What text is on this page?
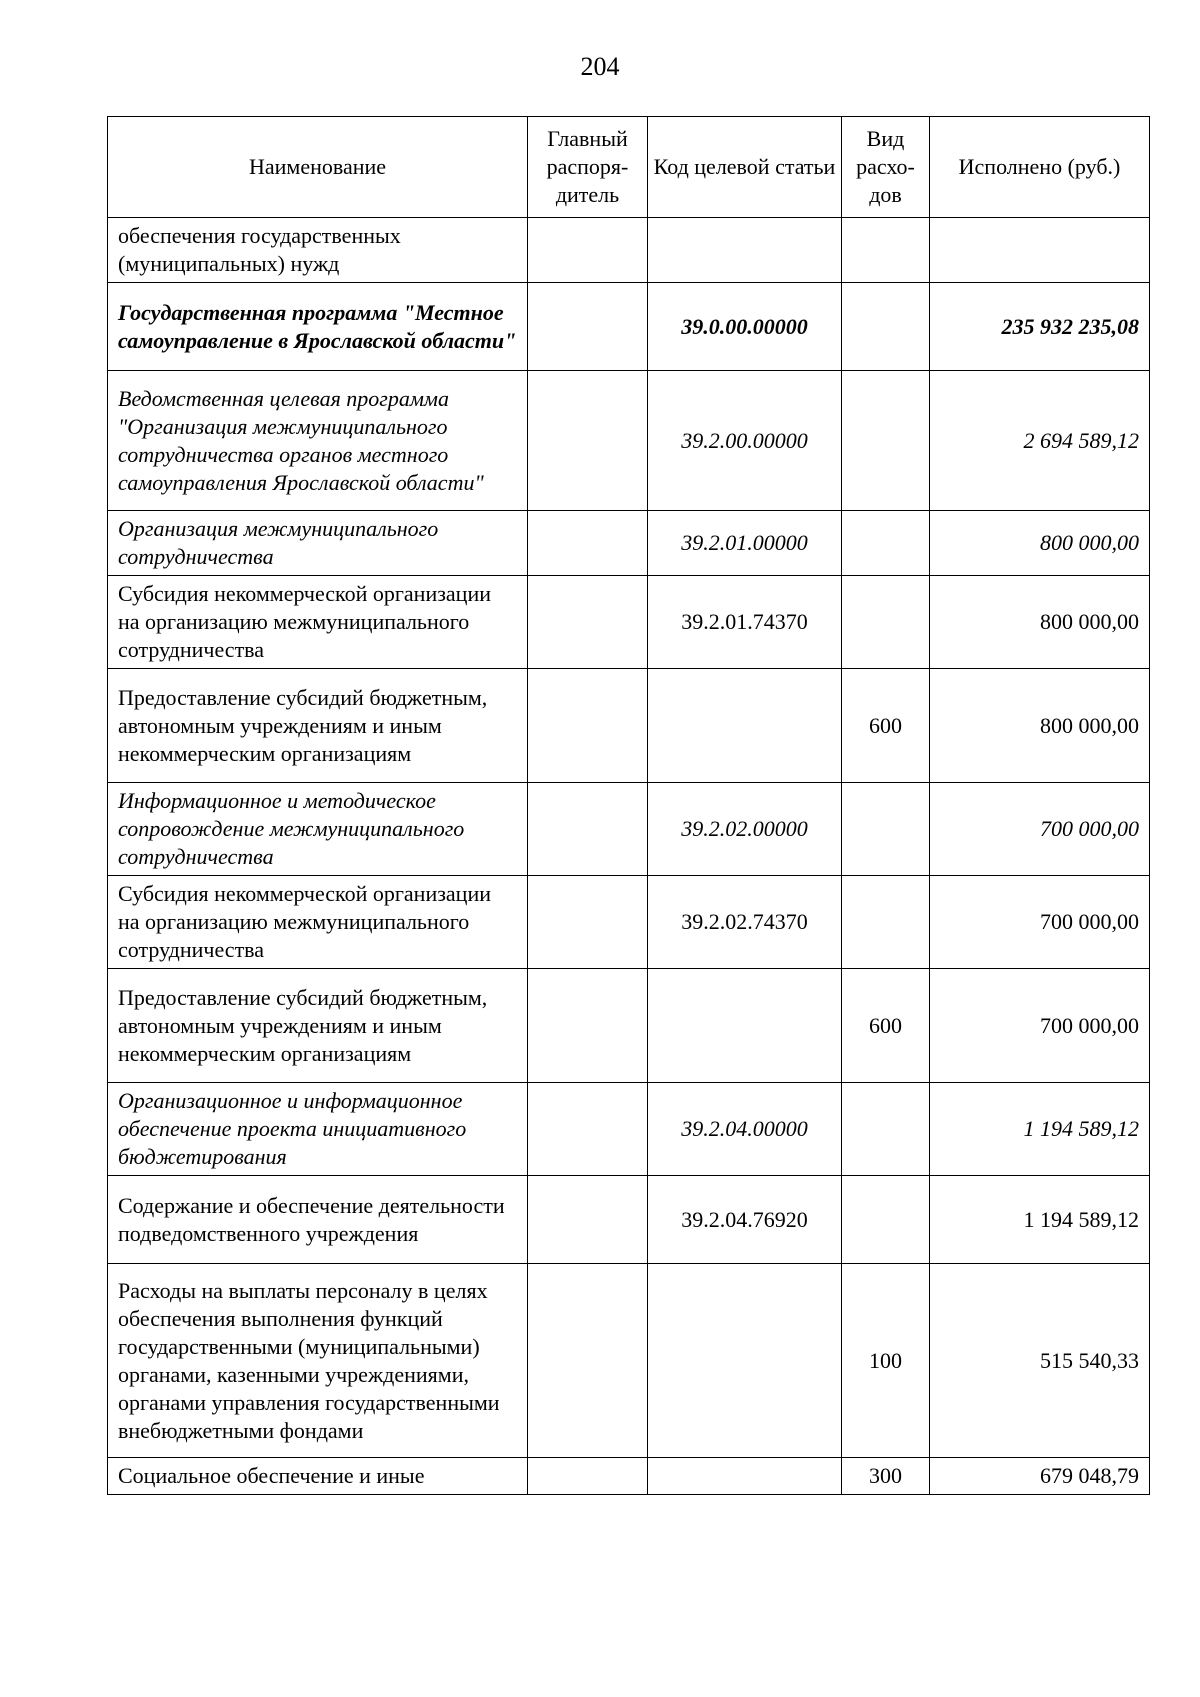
204
Наименование	Главный распоря-дитель	Код целевой статьи	Вид расхо-дов	Исполнено (руб.)
обеспечения государственных (муниципальных) нужд				
Государственная программа "Местное самоуправление в Ярославской области"		39.0.00.00000		235 932 235,08
Ведомственная целевая программа "Организация межмуниципального сотрудничества органов местного самоуправления Ярославской области"		39.2.00.00000		2 694 589,12
Организация межмуниципального сотрудничества		39.2.01.00000		800 000,00
Субсидия некоммерческой организации на организацию межмуниципального сотрудничества		39.2.01.74370		800 000,00
Предоставление субсидий бюджетным, автономным учреждениям и иным некоммерческим организациям			600	800 000,00
Информационное и методическое сопровождение межмуниципального сотрудничества		39.2.02.00000		700 000,00
Субсидия некоммерческой организации на организацию межмуниципального сотрудничества		39.2.02.74370		700 000,00
Предоставление субсидий бюджетным, автономным учреждениям и иным некоммерческим организациям			600	700 000,00
Организационное и информационное обеспечение проекта инициативного бюджетирования		39.2.04.00000		1 194 589,12
Содержание и обеспечение деятельности подведомственного учреждения		39.2.04.76920		1 194 589,12
Расходы на выплаты персоналу в целях обеспечения выполнения функций государственными (муниципальными) органами, казенными учреждениями, органами управления государственными внебюджетными фондами			100	515 540,33
Социальное обеспечение и иные			300	679 048,79
